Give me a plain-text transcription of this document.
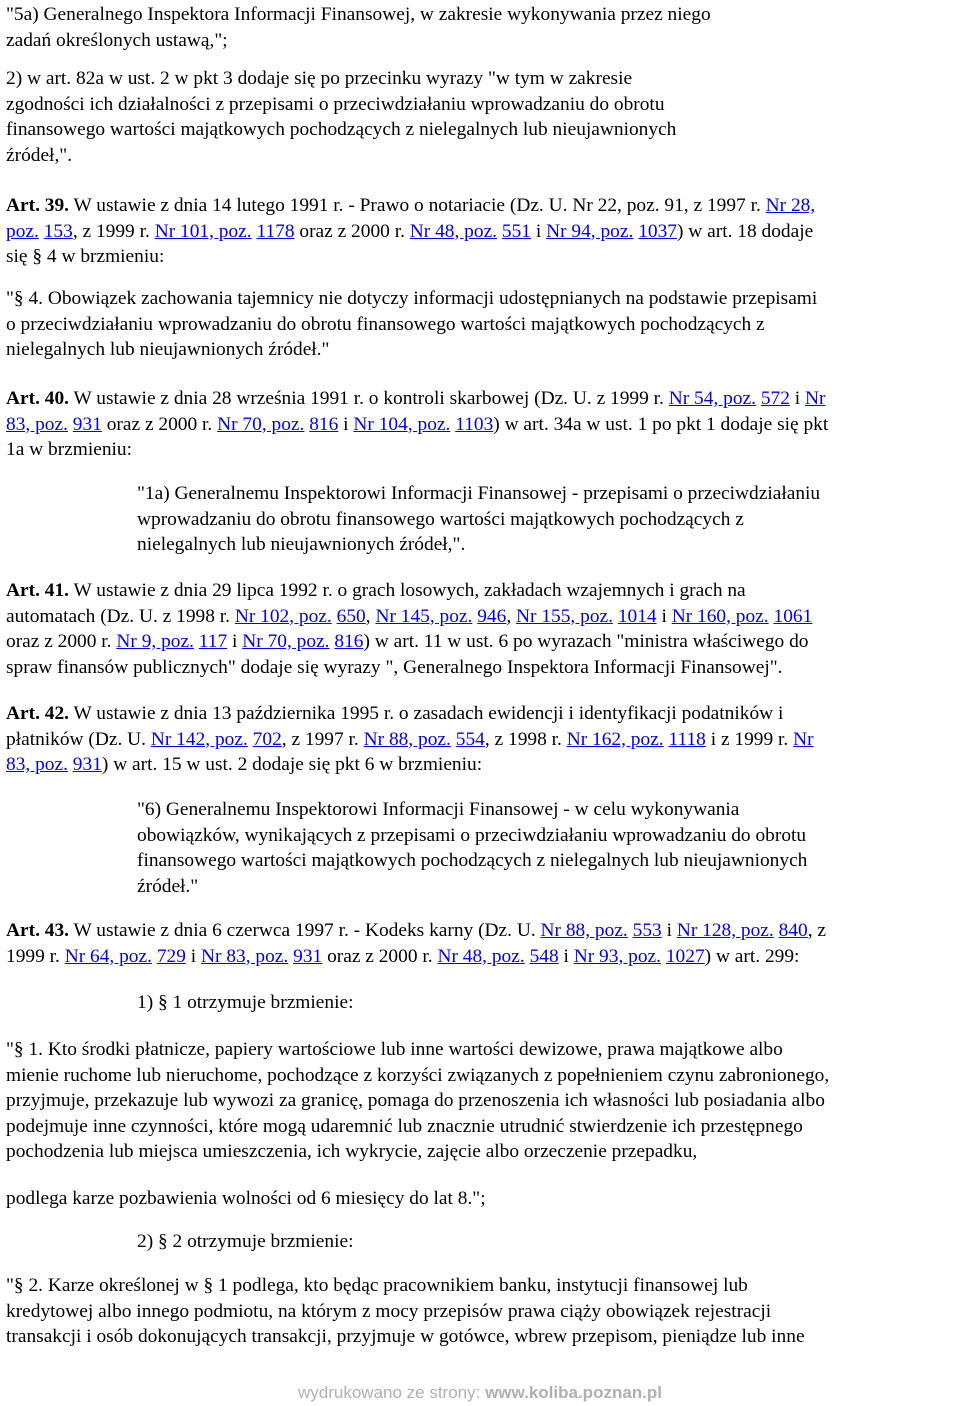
"5a) Generalnego Inspektora Informacji Finansowej, w zakresie wykonywania przez niego
zadań określonych ustawą,";
2) w art. 82a w ust. 2 w pkt 3 dodaje się po przecinku wyrazy "w tym w zakresie
zgodności ich działalności z przepisami o przeciwdziałaniu wprowadzaniu do obrotu
finansowego wartości majątkowych pochodzących z nielegalnych lub nieujawnionych
źródeł,".
Art. 39. W ustawie z dnia 14 lutego 1991 r. - Prawo o notariacie (Dz. U. Nr 22, poz. 91, z 1997 r. Nr 28,
poz. 153, z 1999 r. Nr 101, poz. 1178 oraz z 2000 r. Nr 48, poz. 551 i Nr 94, poz. 1037) w art. 18 dodaje
się § 4 w brzmieniu:
"§ 4. Obowiązek zachowania tajemnicy nie dotyczy informacji udostępnianych na podstawie przepisami
o przeciwdziałaniu wprowadzaniu do obrotu finansowego wartości majątkowych pochodzących z
nielegalnych lub nieujawnionych źródeł."
Art. 40. W ustawie z dnia 28 września 1991 r. o kontroli skarbowej (Dz. U. z 1999 r. Nr 54, poz. 572 i Nr
83, poz. 931 oraz z 2000 r. Nr 70, poz. 816 i Nr 104, poz. 1103) w art. 34a w ust. 1 po pkt 1 dodaje się pkt
1a w brzmieniu:
"1a) Generalnemu Inspektorowi Informacji Finansowej - przepisami o przeciwdziałaniu
wprowadzaniu do obrotu finansowego wartości majątkowych pochodzących z
nielegalnych lub nieujawnionych źródeł,".
Art. 41. W ustawie z dnia 29 lipca 1992 r. o grach losowych, zakładach wzajemnych i grach na
automatach (Dz. U. z 1998 r. Nr 102, poz. 650, Nr 145, poz. 946, Nr 155, poz. 1014 i Nr 160, poz. 1061
oraz z 2000 r. Nr 9, poz. 117 i Nr 70, poz. 816) w art. 11 w ust. 6 po wyrazach "ministra właściwego do
spraw finansów publicznych" dodaje się wyrazy ", Generalnego Inspektora Informacji Finansowej".
Art. 42. W ustawie z dnia 13 października 1995 r. o zasadach ewidencji i identyfikacji podatników i
płatników (Dz. U. Nr 142, poz. 702, z 1997 r. Nr 88, poz. 554, z 1998 r. Nr 162, poz. 1118 i z 1999 r. Nr
83, poz. 931) w art. 15 w ust. 2 dodaje się pkt 6 w brzmieniu:
"6) Generalnemu Inspektorowi Informacji Finansowej - w celu wykonywania
obowiązków, wynikających z przepisami o przeciwdziałaniu wprowadzaniu do obrotu
finansowego wartości majątkowych pochodzących z nielegalnych lub nieujawnionych
źródeł."
Art. 43. W ustawie z dnia 6 czerwca 1997 r. - Kodeks karny (Dz. U. Nr 88, poz. 553 i Nr 128, poz. 840, z
1999 r. Nr 64, poz. 729 i Nr 83, poz. 931 oraz z 2000 r. Nr 48, poz. 548 i Nr 93, poz. 1027) w art. 299:
1) § 1 otrzymuje brzmienie:
"§ 1. Kto środki płatnicze, papiery wartościowe lub inne wartości dewizowe, prawa majątkowe albo
mienie ruchome lub nieruchome, pochodzące z korzyści związanych z popełnieniem czynu zabronionego,
przyjmuje, przekazuje lub wywozi za granicę, pomaga do przenoszenia ich własności lub posiadania albo
podejmuje inne czynności, które mogą udaremnić lub znacznie utrudnić stwierdzenie ich przestępnego
pochodzenia lub miejsca umieszczenia, ich wykrycie, zajęcie albo orzeczenie przepadku,
podlega karze pozbawienia wolności od 6 miesięcy do lat 8.";
2) § 2 otrzymuje brzmienie:
"§ 2. Karze określonej w § 1 podlega, kto będąc pracownikiem banku, instytucji finansowej lub
kredytowej albo innego podmiotu, na którym z mocy przepisów prawa ciąży obowiązek rejestracji
transakcji i osób dokonujących transakcji, przyjmuje w gotówce, wbrew przepisom, pieniądze lub inne
wydrukowano ze strony: www.koliba.poznan.pl
